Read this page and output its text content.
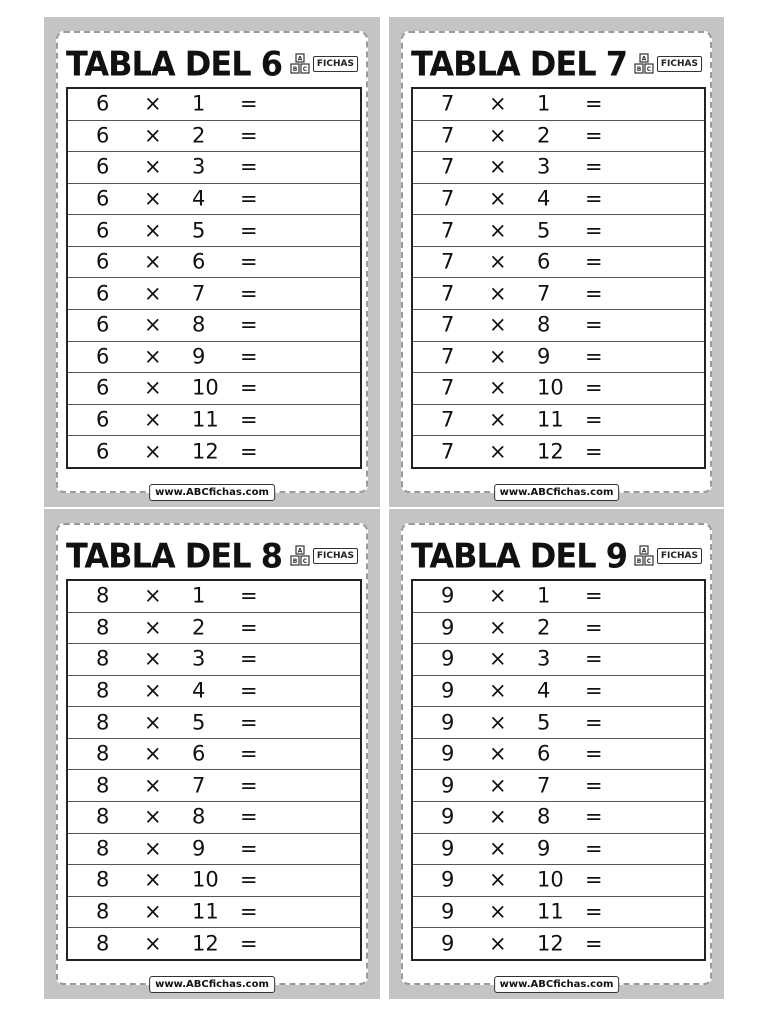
TABLA DEL 6	A
B C
FICHAS
6 × 1 =
6 × 2 =
6 × 3 =
6 × 4 =
6 × 5 =
6 × 6 =
6 × 7 =
6 × 8 =
6 × 9 =
6 × 10 =
6 × 11 =
6 × 12 =
www.ABCfichas.com
TABLA DEL 7 A
B C
FICHAS
7 × 1 =
7 × 2 =
7 × 3 =
7 × 4 =
7 × 5 =
7 × 6 =
7 × 7 =
7 × 8 =
7 × 9 =
7 × 10 =
7 × 11 =
7 × 12 =
www.ABCfichas.com
TABLA DEL 8	A
B C
FICHAS
8 × 1 =
8 × 2 =
8 × 3 =
8 × 4 =
8 × 5 =
8 × 6 =
8 × 7 =
8 × 8 =
8 × 9 =
8 × 10 =
8 × 11 =
8 × 12 =
www.ABCfichas.com
TABLA DEL 9 A
B C
FICHAS
9 × 1 =
9 × 2 =
9 × 3 =
9 × 4 =
9 × 5 =
9 × 6 =
9 × 7 =
9 × 8 =
9 × 9 =
9 × 10 =
9 × 11 =
9 × 12 =
www.ABCfichas.com
